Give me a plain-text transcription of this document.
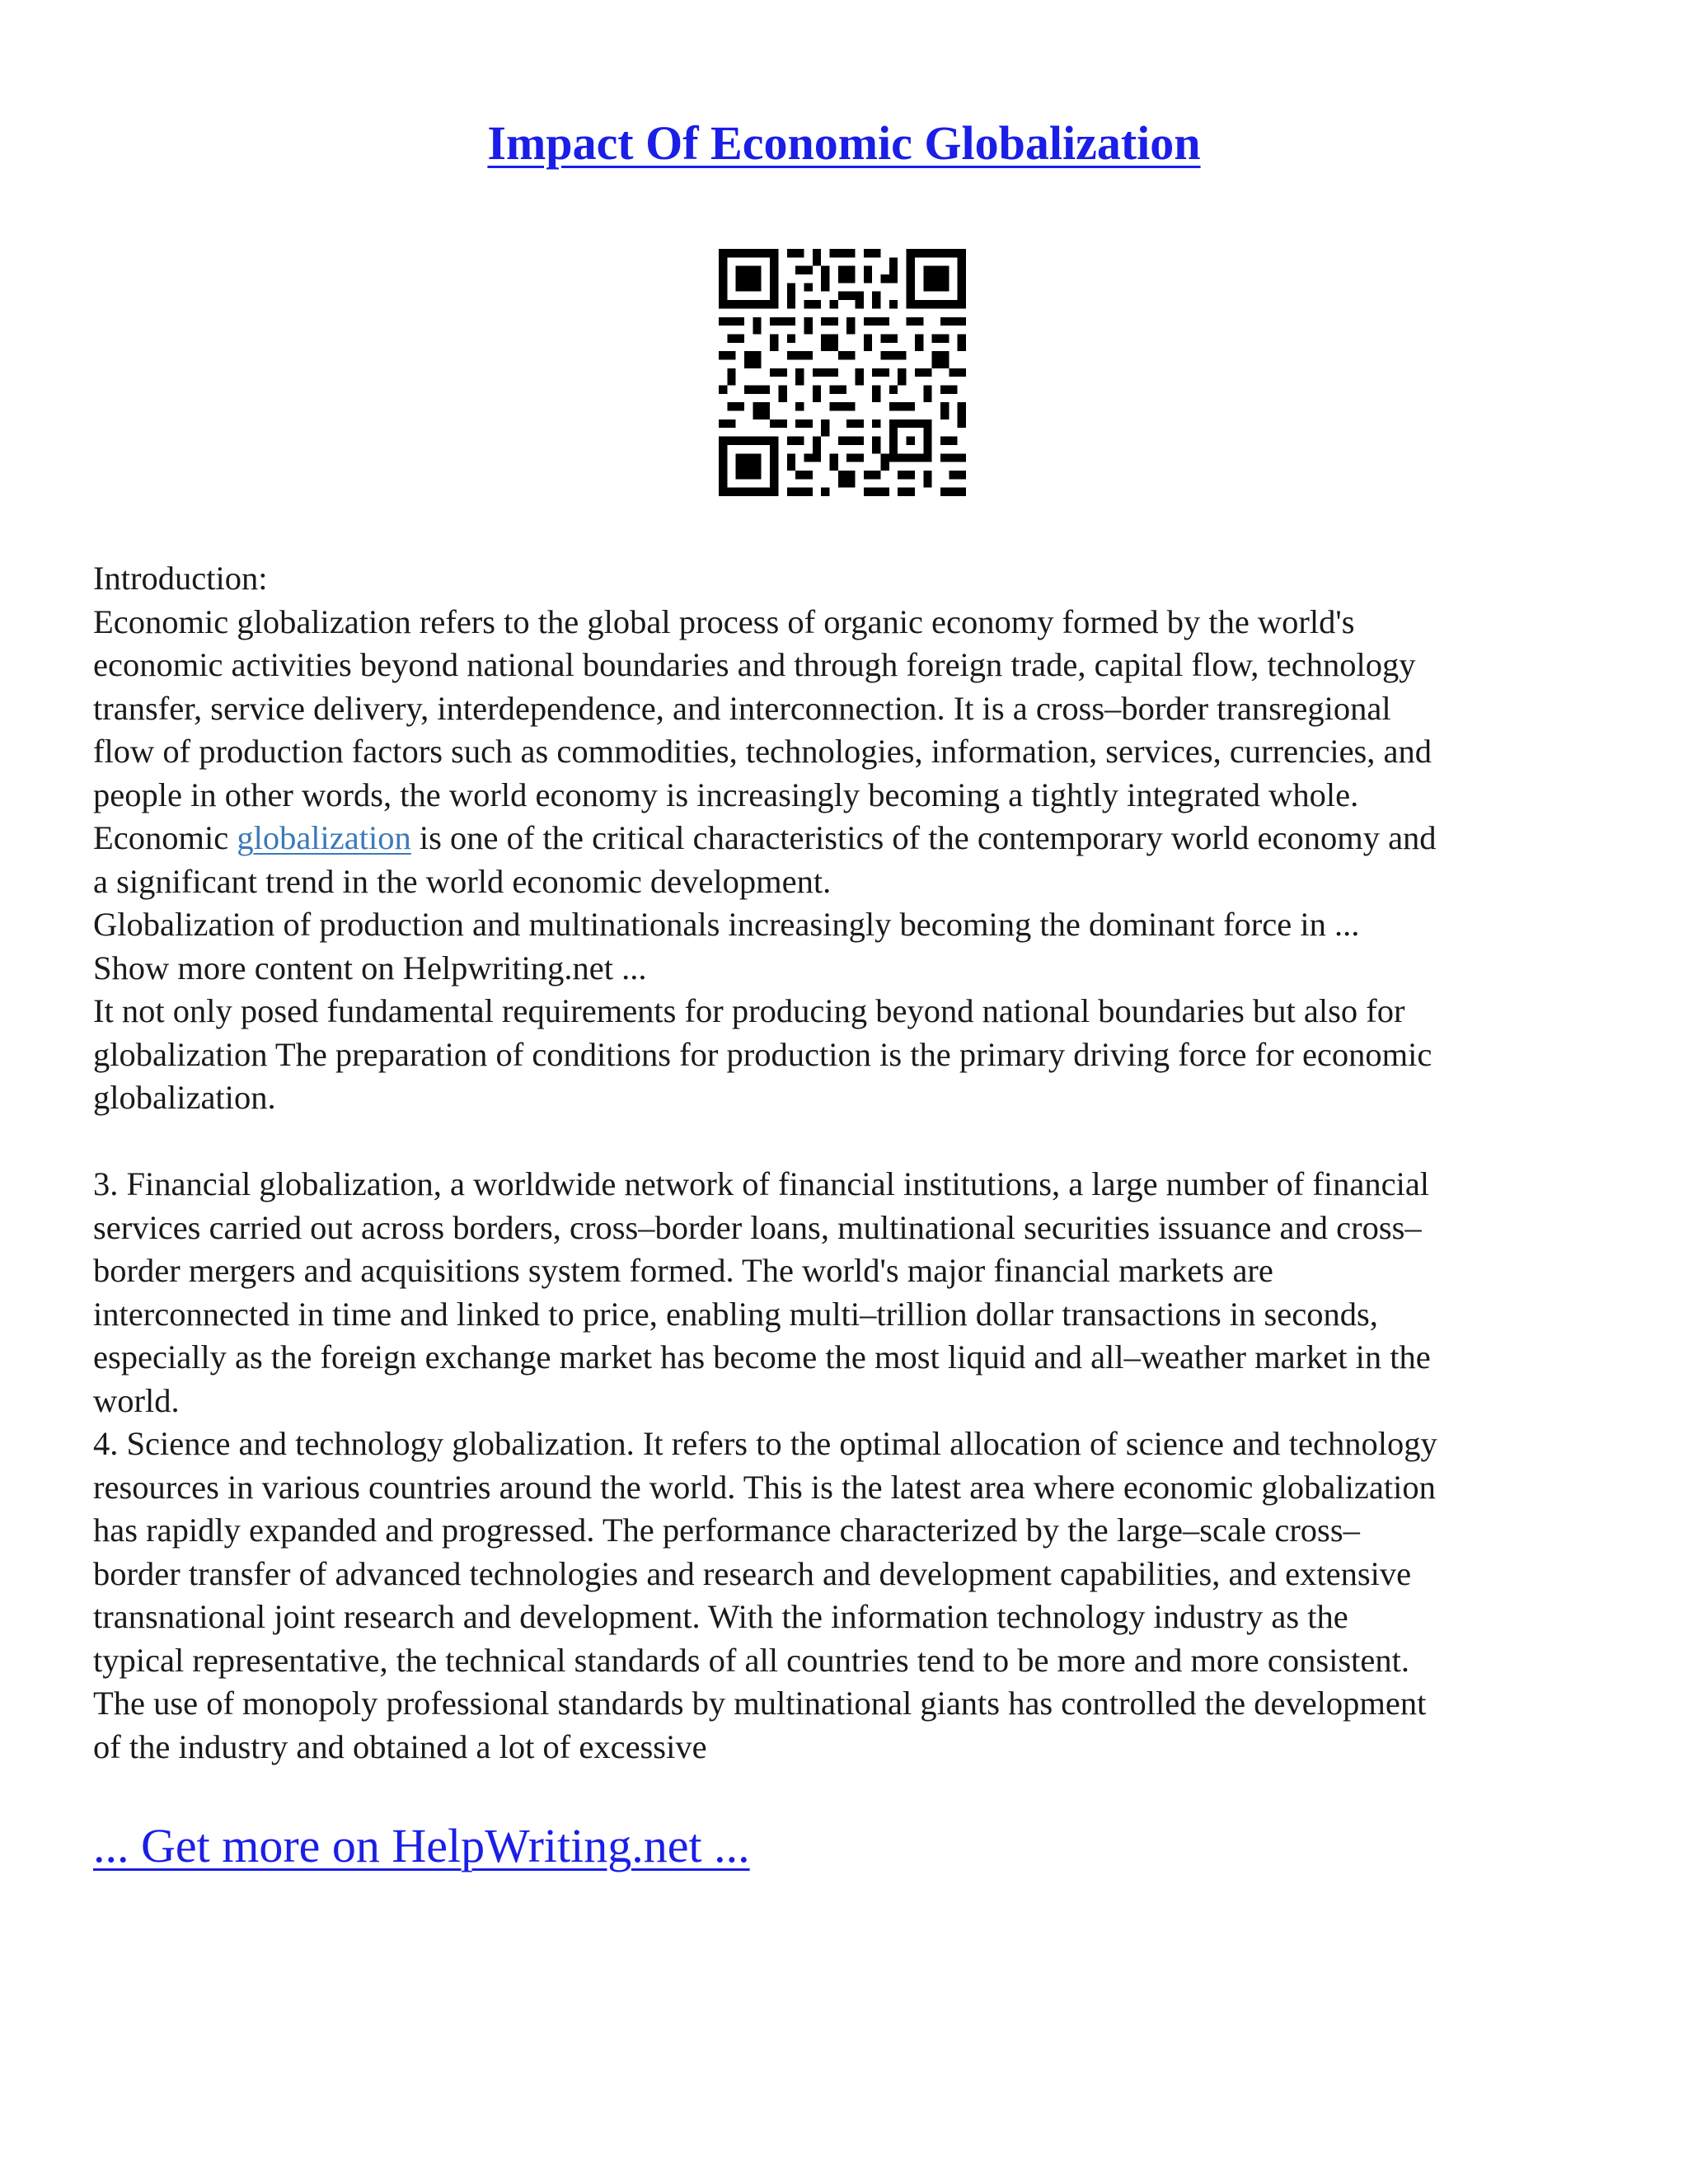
Impact Of Economic Globalization

Introduction:

Economic globalization refers to the global process of organic economy formed by the world's

economic activities beyond national boundaries and through foreign trade, capital flow, technology

transfer, service delivery, interdependence, and interconnection. It is a cross–border transregional

flow of production factors such as commodities, technologies, information, services, currencies, and

people in other words, the world economy is increasingly becoming a tightly integrated whole.

Economic globalization is one of the critical characteristics of the contemporary world economy and

a significant trend in the world economic development.

Globalization of production and multinationals increasingly becoming the dominant force in ...

Show more content on Helpwriting.net ...

It not only posed fundamental requirements for producing beyond national boundaries but also for

globalization The preparation of conditions for production is the primary driving force for economic

globalization.

3. Financial globalization, a worldwide network of financial institutions, a large number of financial

services carried out across borders, cross–border loans, multinational securities issuance and cross–

border mergers and acquisitions system formed. The world's major financial markets are

interconnected in time and linked to price, enabling multi–trillion dollar transactions in seconds,

especially as the foreign exchange market has become the most liquid and all–weather market in the

world.

4. Science and technology globalization. It refers to the optimal allocation of science and technology

resources in various countries around the world. This is the latest area where economic globalization

has rapidly expanded and progressed. The performance characterized by the large–scale cross–

border transfer of advanced technologies and research and development capabilities, and extensive

transnational joint research and development. With the information technology industry as the

typical representative, the technical standards of all countries tend to be more and more consistent.

The use of monopoly professional standards by multinational giants has controlled the development

of the industry and obtained a lot of excessive

... Get more on HelpWriting.net ...
